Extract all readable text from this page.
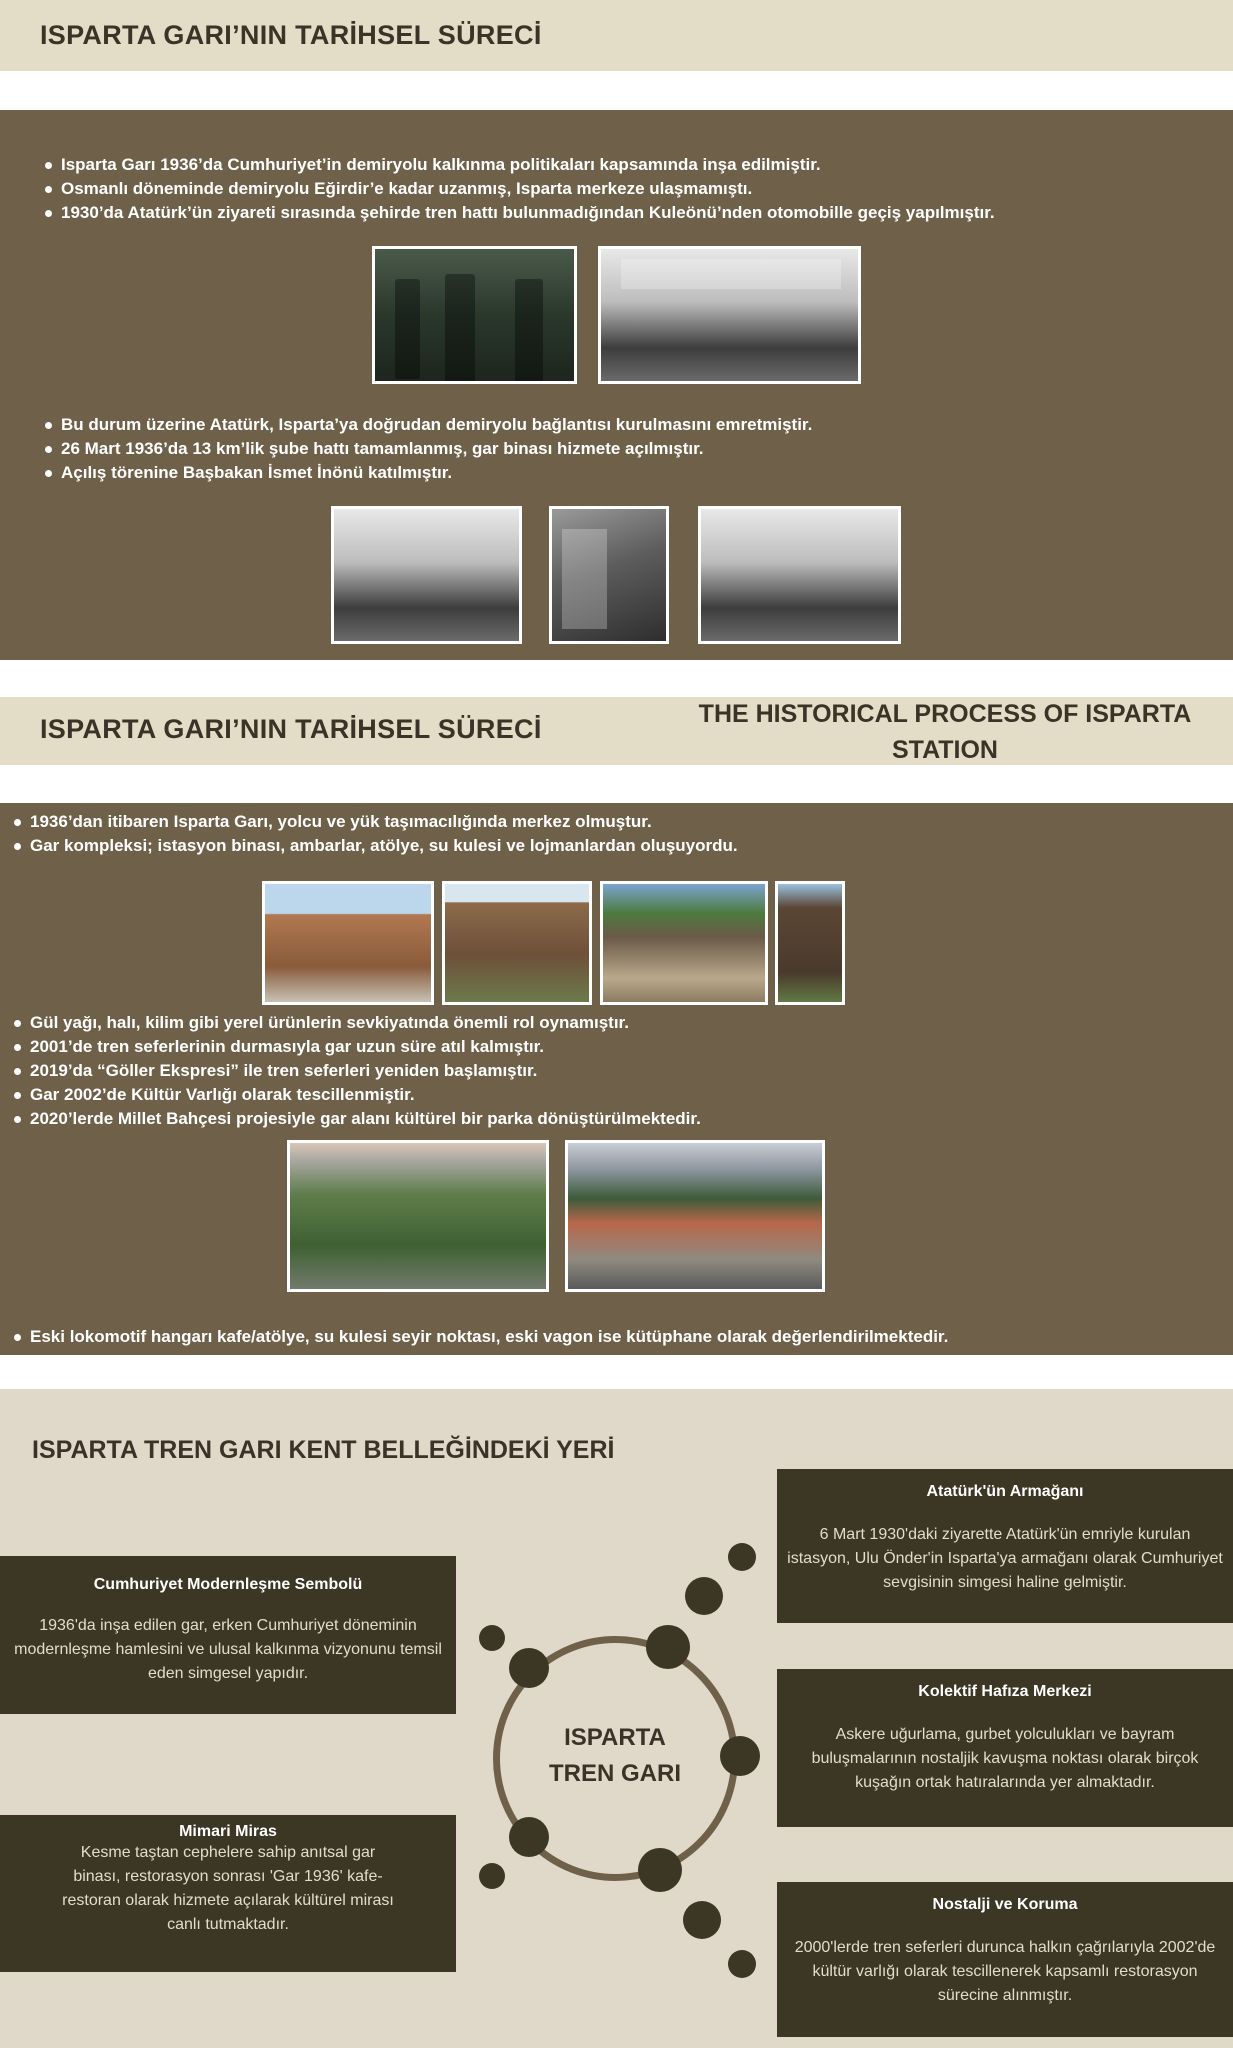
ISPARTA GARI’NIN TARİHSEL SÜRECİ
Isparta Garı 1936’da Cumhuriyet’in demiryolu kalkınma politikaları kapsamında inşa edilmiştir.
Osmanlı döneminde demiryolu Eğirdir’e kadar uzanmış, Isparta merkeze ulaşmamıştı.
1930’da Atatürk’ün ziyareti sırasında şehirde tren hattı bulunmadığından Kuleönü’nden otomobille geçiş yapılmıştır.
Bu durum üzerine Atatürk, Isparta’ya doğrudan demiryolu bağlantısı kurulmasını emretmiştir.
26 Mart 1936’da 13 km’lik şube hattı tamamlanmış, gar binası hizmete açılmıştır.
Açılış törenine Başbakan İsmet İnönü katılmıştır.
ISPARTA GARI’NIN TARİHSEL SÜRECİ	THE HISTORICAL PROCESS OF ISPARTA
STATION
1936’dan itibaren Isparta Garı, yolcu ve yük taşımacılığında merkez olmuştur.
Gar kompleksi; istasyon binası, ambarlar, atölye, su kulesi ve lojmanlardan oluşuyordu.
Gül yağı, halı, kilim gibi yerel ürünlerin sevkiyatında önemli rol oynamıştır.
2001’de tren seferlerinin durmasıyla gar uzun süre atıl kalmıştır.
2019’da “Göller Ekspresi” ile tren seferleri yeniden başlamıştır.
Gar 2002’de Kültür Varlığı olarak tescillenmiştir.
2020’lerde Millet Bahçesi projesiyle gar alanı kültürel bir parka dönüştürülmektedir.
Eski lokomotif hangarı kafe/atölye, su kulesi seyir noktası, eski vagon ise kütüphane olarak değerlendirilmektedir.
ISPARTA TREN GARI KENT BELLEĞİNDEKİ YERİ
Atatürk'ün Armağanı
6 Mart 1930'daki ziyarette Atatürk'ün emriyle kurulan istasyon, Ulu Önder'in Isparta'ya armağanı olarak Cumhuriyet sevgisinin simgesi haline gelmiştir.
Cumhuriyet Modernleşme Sembolü
1936'da inşa edilen gar, erken Cumhuriyet döneminin modernleşme hamlesini ve ulusal kalkınma vizyonunu temsil eden simgesel yapıdır.
Kolektif Hafıza Merkezi
Askere uğurlama, gurbet yolculukları ve bayram buluşmalarının nostaljik kavuşma noktası olarak birçok kuşağın ortak hatıralarında yer almaktadır.
Mimari Miras
Kesme taştan cephelere sahip anıtsal gar binası, restorasyon sonrası 'Gar 1936' kafe-restoran olarak hizmete açılarak kültürel mirası canlı tutmaktadır.
Nostalji ve Koruma
2000'lerde tren seferleri durunca halkın çağrılarıyla 2002'de kültür varlığı olarak tescillenerek kapsamlı restorasyon sürecine alınmıştır.
ISPARTA
TREN GARI
